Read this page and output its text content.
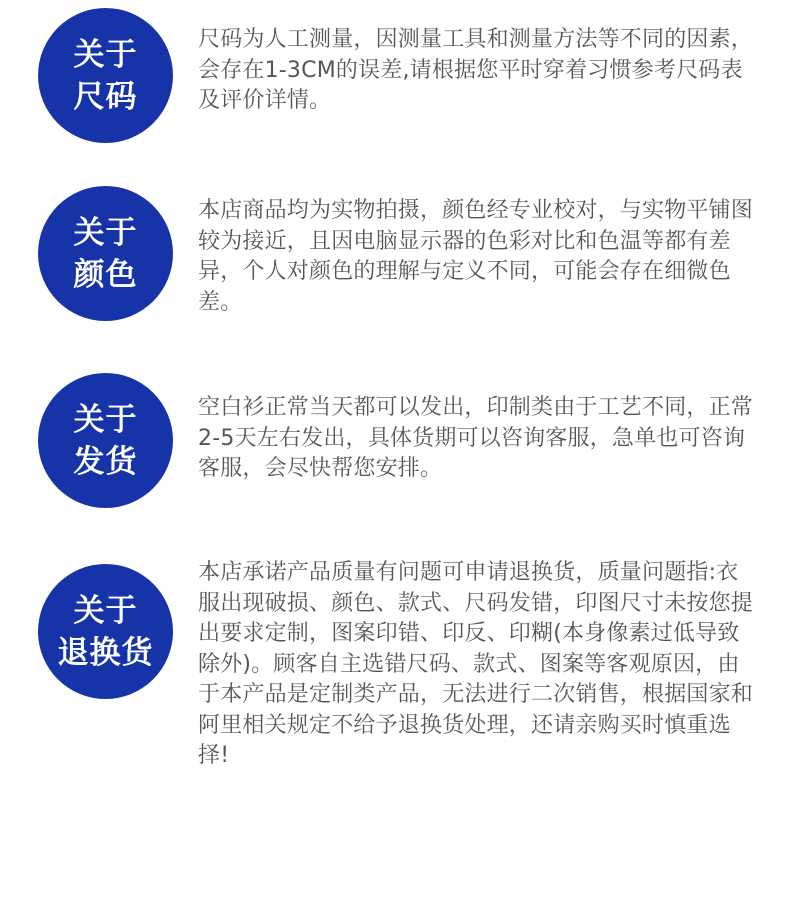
关于
尺码
尺码为人工测量，因测量工具和测量方法等不同的因素，会存在1-3CM的误差,请根据您平时穿着习惯参考尺码表及评价详情。
关于
颜色
本店商品均为实物拍摄，颜色经专业校对，与实物平铺图较为接近，且因电脑显示器的色彩对比和色温等都有差异，个人对颜色的理解与定义不同，可能会存在细微色差。
关于
发货
空白衫正常当天都可以发出，印制类由于工艺不同，正常2-5天左右发出，具体货期可以咨询客服，急单也可咨询客服，会尽快帮您安排。
关于
退换货
本店承诺产品质量有问题可申请退换货，质量问题指:衣服出现破损、颜色、款式、尺码发错，印图尺寸未按您提出要求定制，图案印错、印反、印糊(本身像素过低导致除外)。顾客自主选错尺码、款式、图案等客观原因，由于本产品是定制类产品，无法进行二次销售，根据国家和阿里相关规定不给予退换货处理，还请亲购买时慎重选择!
